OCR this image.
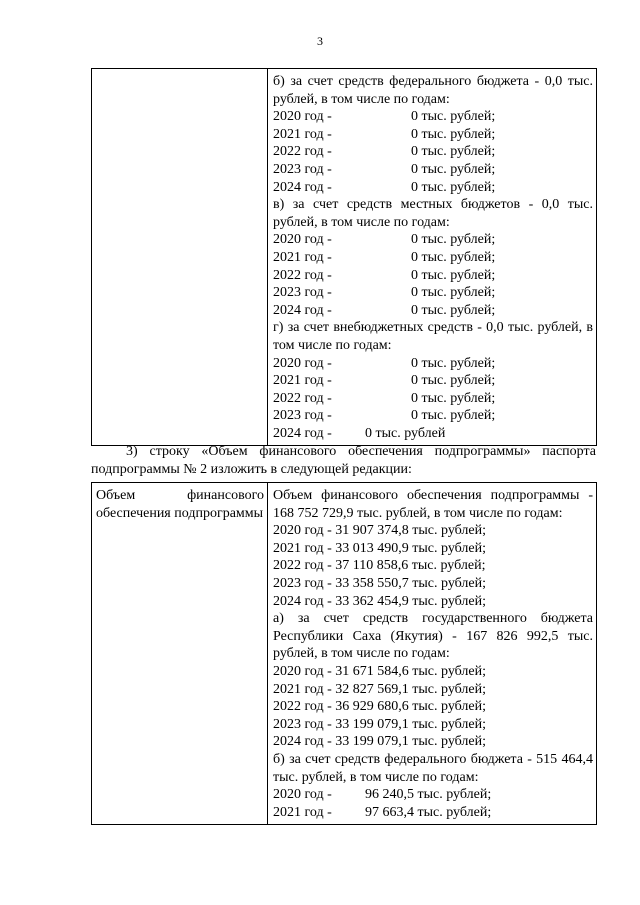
3

б) за счет средств федерального бюджета - 0,0 тыс. рублей, в том числе по годам:
2020 год -	0 тыс. рублей;
2021 год -	0 тыс. рублей;
2022 год -	0 тыс. рублей;
2023 год -	0 тыс. рублей;
2024 год -	0 тыс. рублей;
в) за счет средств местных бюджетов - 0,0 тыс. рублей, в том числе по годам:
2020 год -	0 тыс. рублей;
2021 год -	0 тыс. рублей;
2022 год -	0 тыс. рублей;
2023 год -	0 тыс. рублей;
2024 год -	0 тыс. рублей;
г) за счет внебюджетных средств - 0,0 тыс. рублей, в том числе по годам:
2020 год -	0 тыс. рублей;
2021 год -	0 тыс. рублей;
2022 год -	0 тыс. рублей;
2023 год -	0 тыс. рублей;
2024 год - 0 тыс. рублей
3) строку «Объем финансового обеспечения подпрограммы» паспорта подпрограммы № 2 изложить в следующей редакции:
Объем финансового обеспечения подпрограммы

Объем финансового обеспечения подпрограммы - 168 752 729,9 тыс. рублей, в том числе по годам:
2020 год - 31 907 374,8 тыс. рублей;
2021 год - 33 013 490,9 тыс. рублей;
2022 год - 37 110 858,6 тыс. рублей;
2023 год - 33 358 550,7 тыс. рублей;
2024 год - 33 362 454,9 тыс. рублей;
а) за счет средств государственного бюджета Республики Саха (Якутия) - 167 826 992,5 тыс. рублей, в том числе по годам:
2020 год - 31 671 584,6 тыс. рублей;
2021 год - 32 827 569,1 тыс. рублей;
2022 год - 36 929 680,6 тыс. рублей;
2023 год - 33 199 079,1 тыс. рублей;
2024 год - 33 199 079,1 тыс. рублей;
б) за счет средств федерального бюджета - 515 464,4 тыс. рублей, в том числе по годам:
2020 год - 96 240,5 тыс. рублей;
2021 год - 97 663,4 тыс. рублей;
